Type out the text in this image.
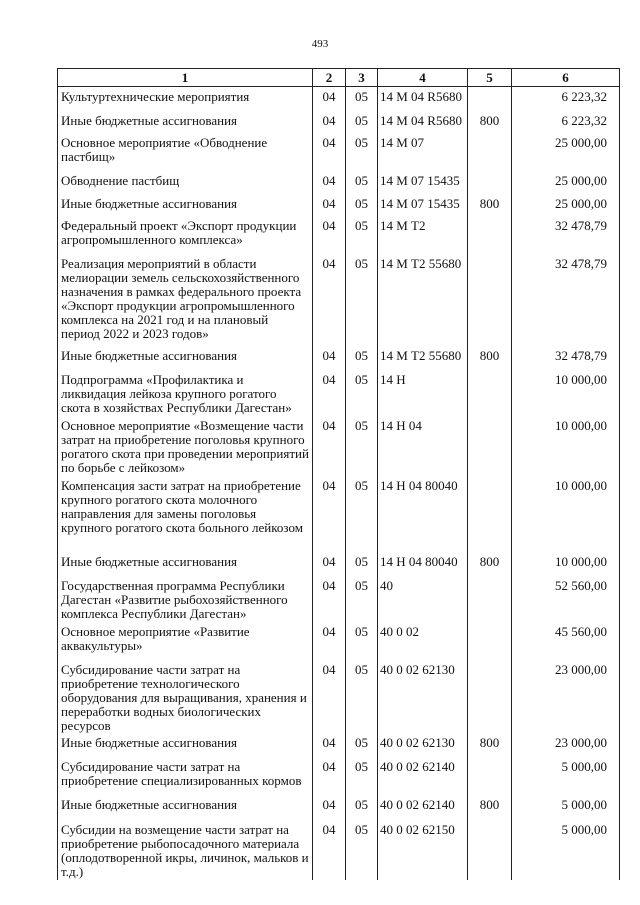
493
1	2	3	4	5	6
Культуртехнические мероприятия	04	05	14 М 04 R5680		6 223,32
Иные бюджетные ассигнования	04	05	14 М 04 R5680	800	6 223,32
Основное мероприятие «Обводнение пастбищ»	04	05	14 М 07		25 000,00
Обводнение пастбищ	04	05	14 М 07 15435		25 000,00
Иные бюджетные ассигнования	04	05	14 М 07 15435	800	25 000,00
Федеральный проект «Экспорт продукции агропромышленного комплекса»	04	05	14 М Т2		32 478,79
Реализация мероприятий в области мелиорации земель сельскохозяйственного назначения в рамках федерального проекта «Экспорт продукции агропромышленного комплекса на 2021 год и на плановый период 2022 и 2023 годов»	04	05	14 М Т2 55680		32 478,79
Иные бюджетные ассигнования	04	05	14 М Т2 55680	800	32 478,79
Подпрограмма «Профилактика и ликвидация лейкоза крупного рогатого скота в хозяйствах Республики Дагестан»	04	05	14 Н		10 000,00
Основное мероприятие «Возмещение части затрат на приобретение поголовья крупного рогатого скота при проведении мероприятий по борьбе с лейкозом»	04	05	14 Н 04		10 000,00
Компенсация засти затрат на приобретение крупного рогатого скота молочного направления для замены поголовья крупного рогатого скота больного лейкозом	04	05	14 Н 04 80040		10 000,00
Иные бюджетные ассигнования	04	05	14 Н 04 80040	800	10 000,00
Государственная программа Республики Дагестан «Развитие рыбохозяйственного комплекса Республики Дагестан»	04	05	40		52 560,00
Основное мероприятие «Развитие аквакультуры»	04	05	40 0 02		45 560,00
Субсидирование части затрат на приобретение технологического оборудования для выращивания, хранения и переработки водных биологических ресурсов	04	05	40 0 02 62130		23 000,00
Иные бюджетные ассигнования	04	05	40 0 02 62130	800	23 000,00
Субсидирование части затрат на приобретение специализированных кормов	04	05	40 0 02 62140		5 000,00
Иные бюджетные ассигнования	04	05	40 0 02 62140	800	5 000,00
Субсидии на возмещение части затрат на приобретение рыбопосадочного материала (оплодотворенной икры, личинок, мальков и т.д.)	04	05	40 0 02 62150		5 000,00
